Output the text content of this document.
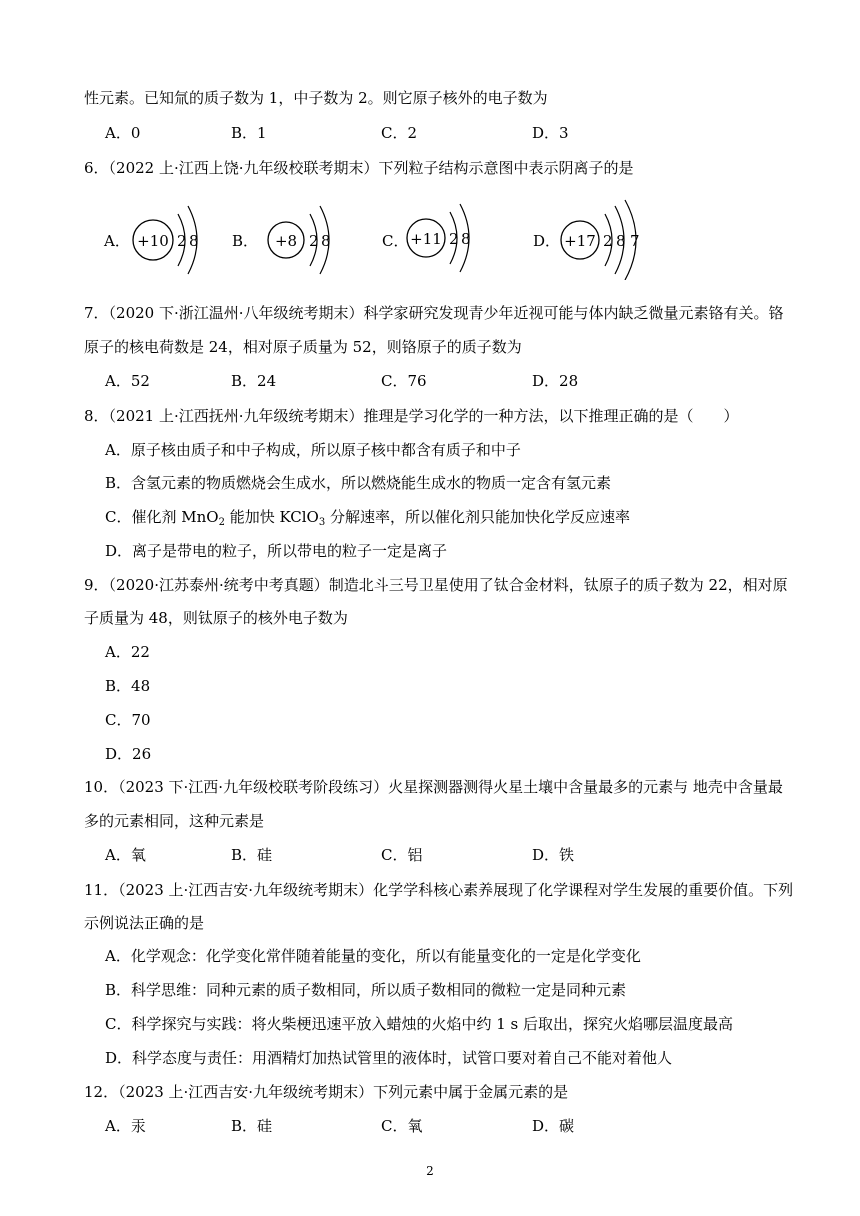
性元素。已知氚的质子数为 1，中子数为 2。则它原子核外的电子数为
A．0	B．1	C．2	D．3
6．（2022 上·江西上饶·九年级校联考期末）下列粒子结构示意图中表示阴离子的是
A． +10 2 8 B． +8 2 8	C． +11 2 8	D． +17 2 8 7
7．（2020 下·浙江温州·八年级统考期末）科学家研究发现青少年近视可能与体内缺乏微量元素铬有关。铬
原子的核电荷数是 24，相对原子质量为 52，则铬原子的质子数为
A．52	B．24	C．76	D．28
8．（2021 上·江西抚州·九年级统考期末）推理是学习化学的一种方法，以下推理正确的是（　　）
A．原子核由质子和中子构成，所以原子核中都含有质子和中子
B．含氢元素的物质燃烧会生成水，所以燃烧能生成水的物质一定含有氢元素
C．催化剂 MnO$_2$ 能加快 KClO$_3$ 分解速率，所以催化剂只能加快化学反应速率
D．离子是带电的粒子，所以带电的粒子一定是离子
9．（2020·江苏泰州·统考中考真题）制造北斗三号卫星使用了钛合金材料，钛原子的质子数为 22，相对原
子质量为 48，则钛原子的核外电子数为
A．22
B．48
C．70
D．26
10．（2023 下·江西·九年级校联考阶段练习）火星探测器测得火星土壤中含量最多的元素与 地壳中含量最
多的元素相同，这种元素是
A．氧	B．硅	C．铝	D．铁
11．（2023 上·江西吉安·九年级统考期末）化学学科核心素养展现了化学课程对学生发展的重要价值。下列
示例说法正确的是
A．化学观念：化学变化常伴随着能量的变化，所以有能量变化的一定是化学变化
B．科学思维：同种元素的质子数相同，所以质子数相同的微粒一定是同种元素
C．科学探究与实践：将火柴梗迅速平放入蜡烛的火焰中约 1 s 后取出，探究火焰哪层温度最高
D．科学态度与责任：用酒精灯加热试管里的液体时，试管口要对着自己不能对着他人
12．（2023 上·江西吉安·九年级统考期末）下列元素中属于金属元素的是
A．汞	B．硅	C．氧	D．碳
2
